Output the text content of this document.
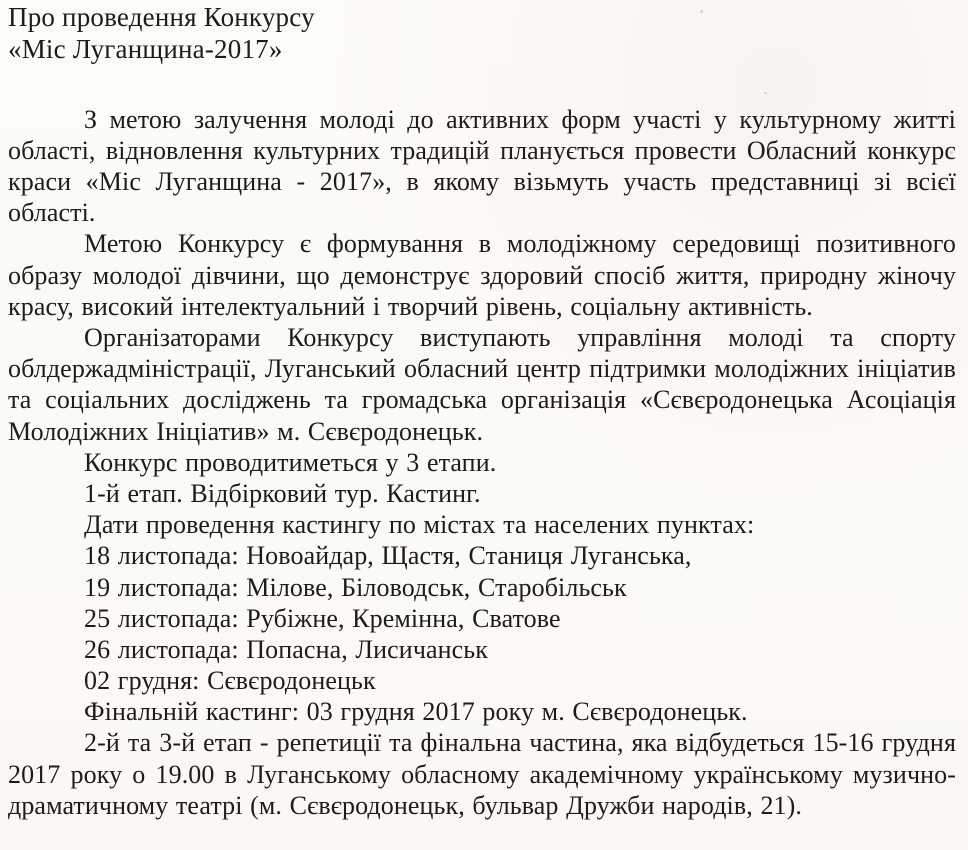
Про проведення Конкурсу
«Міс Луганщина-2017»

З метою залучення молоді до активних форм участі у культурному житті області, відновлення культурних традицій планується провести Обласний конкурс краси «Міс Луганщина - 2017», в якому візьмуть участь представниці зі всієї області.

Метою Конкурсу є формування в молодіжному середовищі позитивного образу молодої дівчини, що демонструє здоровий спосіб життя, природну жіночу красу, високий інтелектуальний і творчий рівень, соціальну активність.

Організаторами Конкурсу виступають управління молоді та спорту облдержадміністрації, Луганський обласний центр підтримки молодіжних ініціатив та соціальних досліджень та громадська організація «Сєвєродонецька Асоціація Молодіжних Ініціатив» м. Сєвєродонецьк.

Конкурс проводитиметься у 3 етапи.

1-й етап. Відбірковий тур. Кастинг.

Дати проведення кастингу по містах та населених пунктах:

18 листопада: Новоайдар, Щастя, Станиця Луганська,

19 листопада: Мілове, Біловодськ, Старобільськ

25 листопада: Рубіжне, Кремінна, Сватове

26 листопада: Попасна, Лисичанськ

02 грудня: Сєвєродонецьк

Фінальній кастинг: 03 грудня 2017 року м. Сєвєродонецьк.

2-й та 3-й етап - репетиції та фінальна частина, яка відбудеться 15-16 грудня 2017 року о 19.00 в Луганському обласному академічному українському музично-драматичному театрі (м. Сєвєродонецьк, бульвар Дружби народів, 21).
